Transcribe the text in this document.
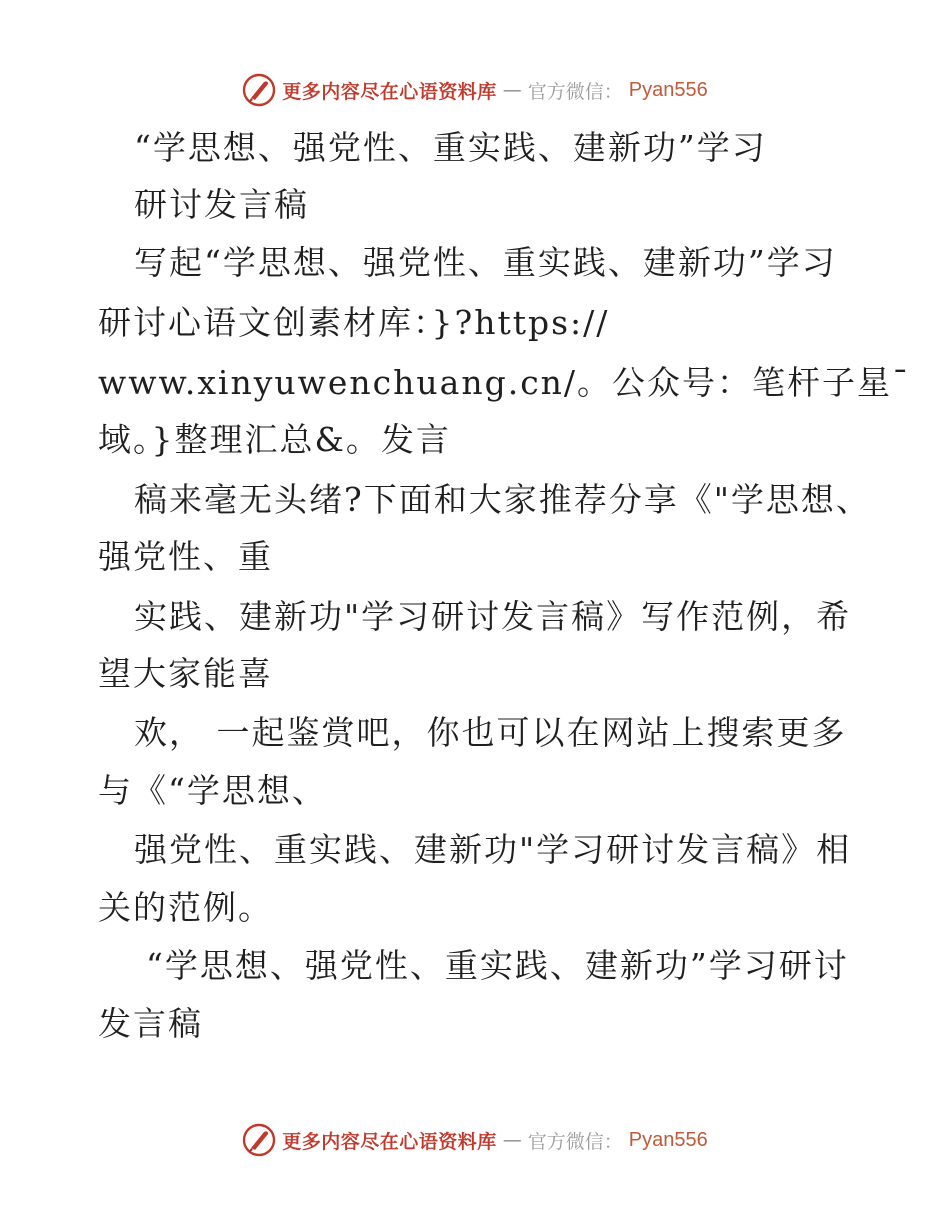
更多内容尽在心语资料库 — 官方微信： Pyan556
“学思想、强党性、重实践、建新功”学习
研讨发言稿
写起“学思想、强党性、重实践、建新功”学习
研讨心语文创素材库：}?https://
www.xinyuwenchuang.cn/。公众号：笔杆子星¯
域。}整理汇总&。发言
稿来毫无头绪?下面和大家推荐分享《"学思想、
强党性、重
实践、建新功"学习研讨发言稿》写作范例，希
望大家能喜
欢， 一起鉴赏吧，你也可以在网站上搜索更多
与《“学思想、
强党性、重实践、建新功"学习研讨发言稿》相
关的范例。
“学思想、强党性、重实践、建新功”学习研讨
发言稿
更多内容尽在心语资料库 — 官方微信： Pyan556
